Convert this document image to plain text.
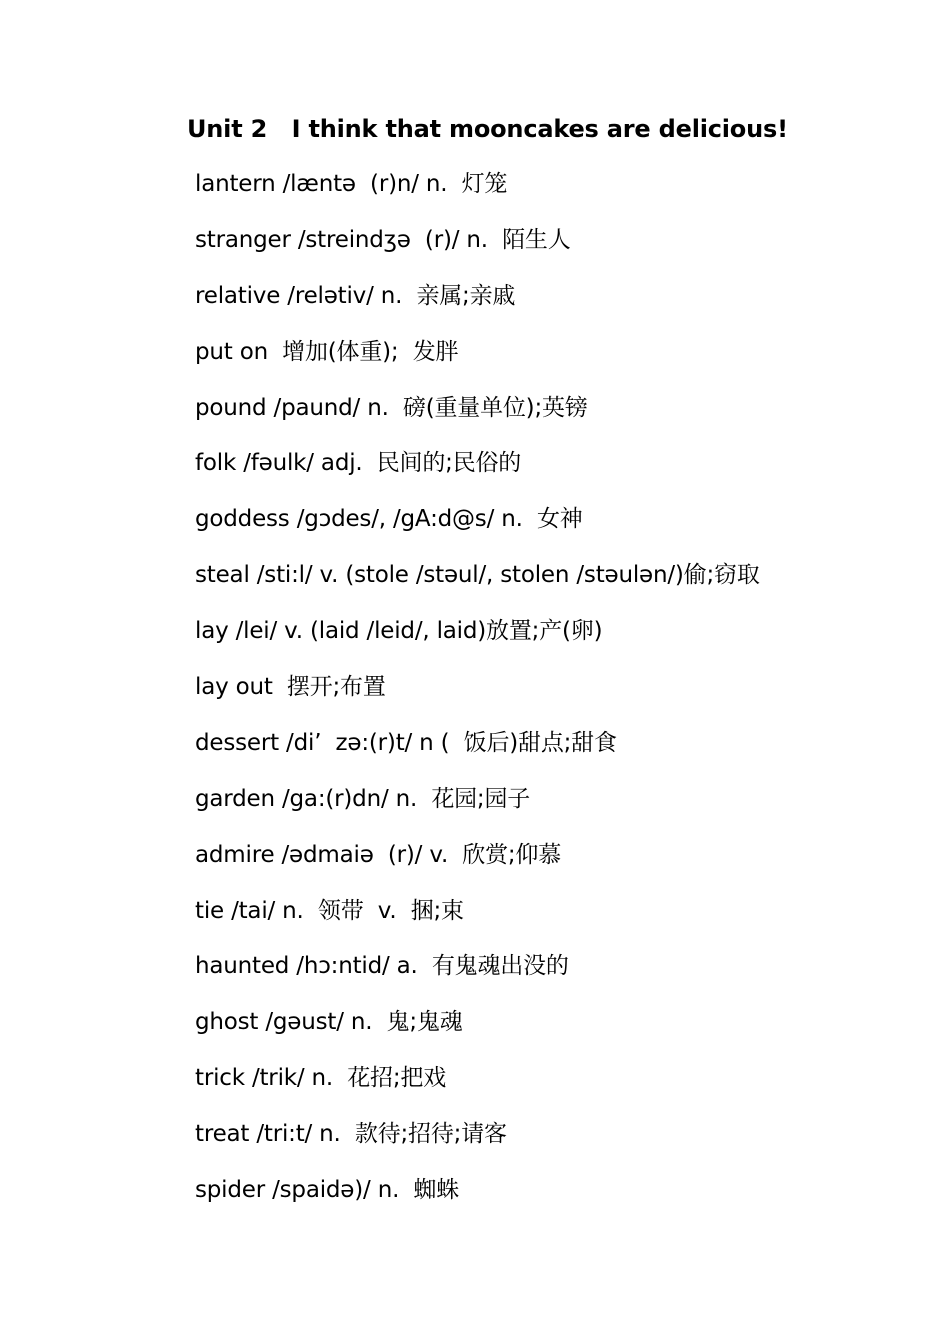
Unit 2   I think that mooncakes are delicious!
lantern /læntə  (r)n/ n.  灯笼
stranger /streindʒə  (r)/ n.  陌生人
relative /relətiv/ n.  亲属;亲戚
put on  增加(体重);  发胖
pound /paund/ n.  磅(重量单位);英镑
folk /fəulk/ adj.  民间的;民俗的
goddess /gɔdes/, /gA:d@s/ n.  女神
steal /sti:l/ v. (stole /stəul/, stolen /stəulən/)偷;窃取
lay /lei/ v. (laid /leid/, laid)放置;产(卵)
lay out  摆开;布置
dessert /di’  zə:(r)t/ n (  饭后)甜点;甜食
garden /ga:(r)dn/ n.  花园;园子
admire /ədmaiə  (r)/ v.  欣赏;仰慕
tie /tai/ n.  领带  v.  捆;束
haunted /hɔ:ntid/ a.  有鬼魂出没的
ghost /gəust/ n.  鬼;鬼魂
trick /trik/ n.  花招;把戏
treat /tri:t/ n.  款待;招待;请客
spider /spaidə)/ n.  蜘蛛
